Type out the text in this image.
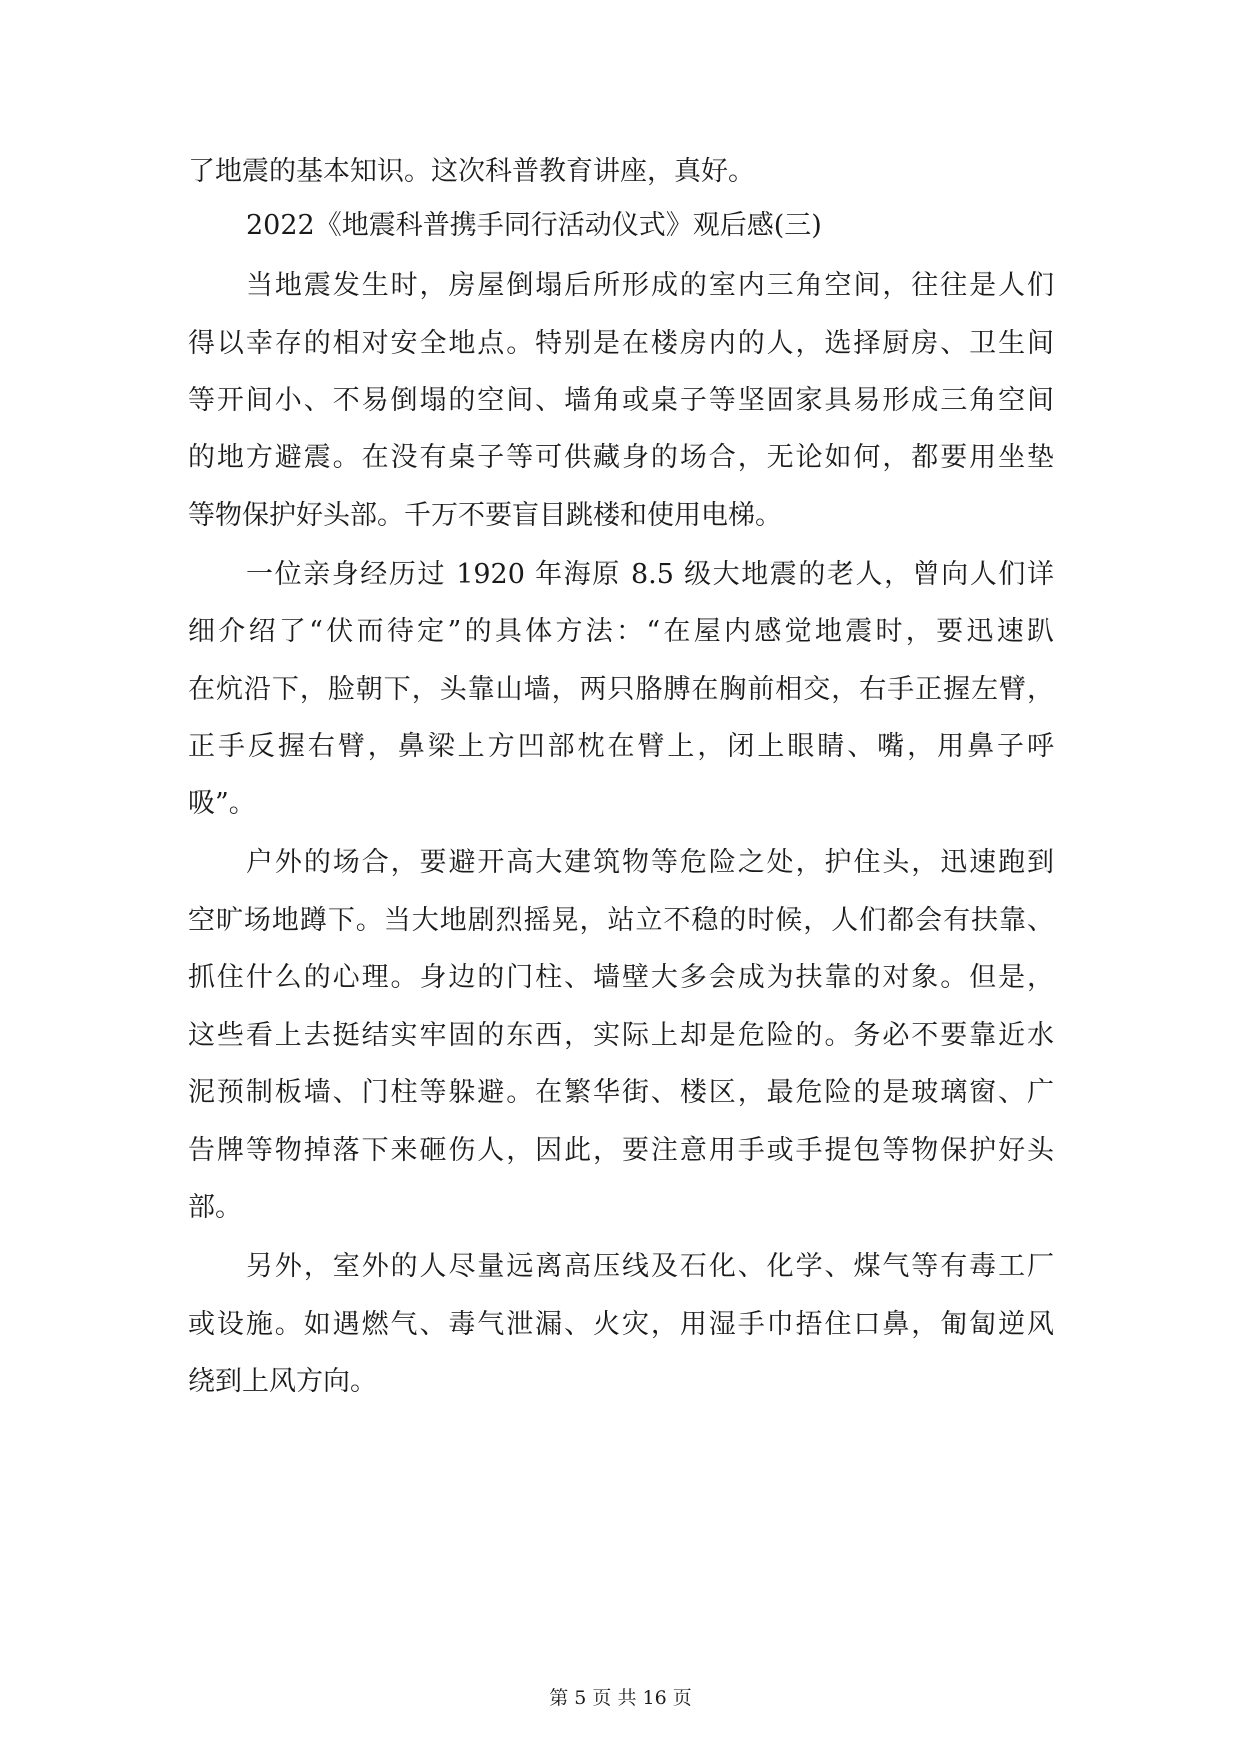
了地震的基本知识。这次科普教育讲座，真好。
2022《地震科普携手同行活动仪式》观后感(三)
当地震发生时，房屋倒塌后所形成的室内三角空间，往往是人们
得以幸存的相对安全地点。特别是在楼房内的人，选择厨房、卫生间
等开间小、不易倒塌的空间、墙角或桌子等坚固家具易形成三角空间
的地方避震。在没有桌子等可供藏身的场合，无论如何，都要用坐垫
等物保护好头部。千万不要盲目跳楼和使用电梯。
一位亲身经历过 1920 年海原 8.5 级大地震的老人，曾向人们详
细介绍了“伏而待定”的具体方法：“在屋内感觉地震时，要迅速趴
在炕沿下，脸朝下，头靠山墙，两只胳膊在胸前相交，右手正握左臂，
正手反握右臂，鼻梁上方凹部枕在臂上，闭上眼睛、嘴，用鼻子呼
吸”。
户外的场合，要避开高大建筑物等危险之处，护住头，迅速跑到
空旷场地蹲下。当大地剧烈摇晃，站立不稳的时候，人们都会有扶靠、
抓住什么的心理。身边的门柱、墙壁大多会成为扶靠的对象。但是，
这些看上去挺结实牢固的东西，实际上却是危险的。务必不要靠近水
泥预制板墙、门柱等躲避。在繁华街、楼区，最危险的是玻璃窗、广
告牌等物掉落下来砸伤人，因此，要注意用手或手提包等物保护好头
部。
另外，室外的人尽量远离高压线及石化、化学、煤气等有毒工厂
或设施。如遇燃气、毒气泄漏、火灾，用湿手巾捂住口鼻，匍匐逆风
绕到上风方向。
第 5 页 共 16 页
